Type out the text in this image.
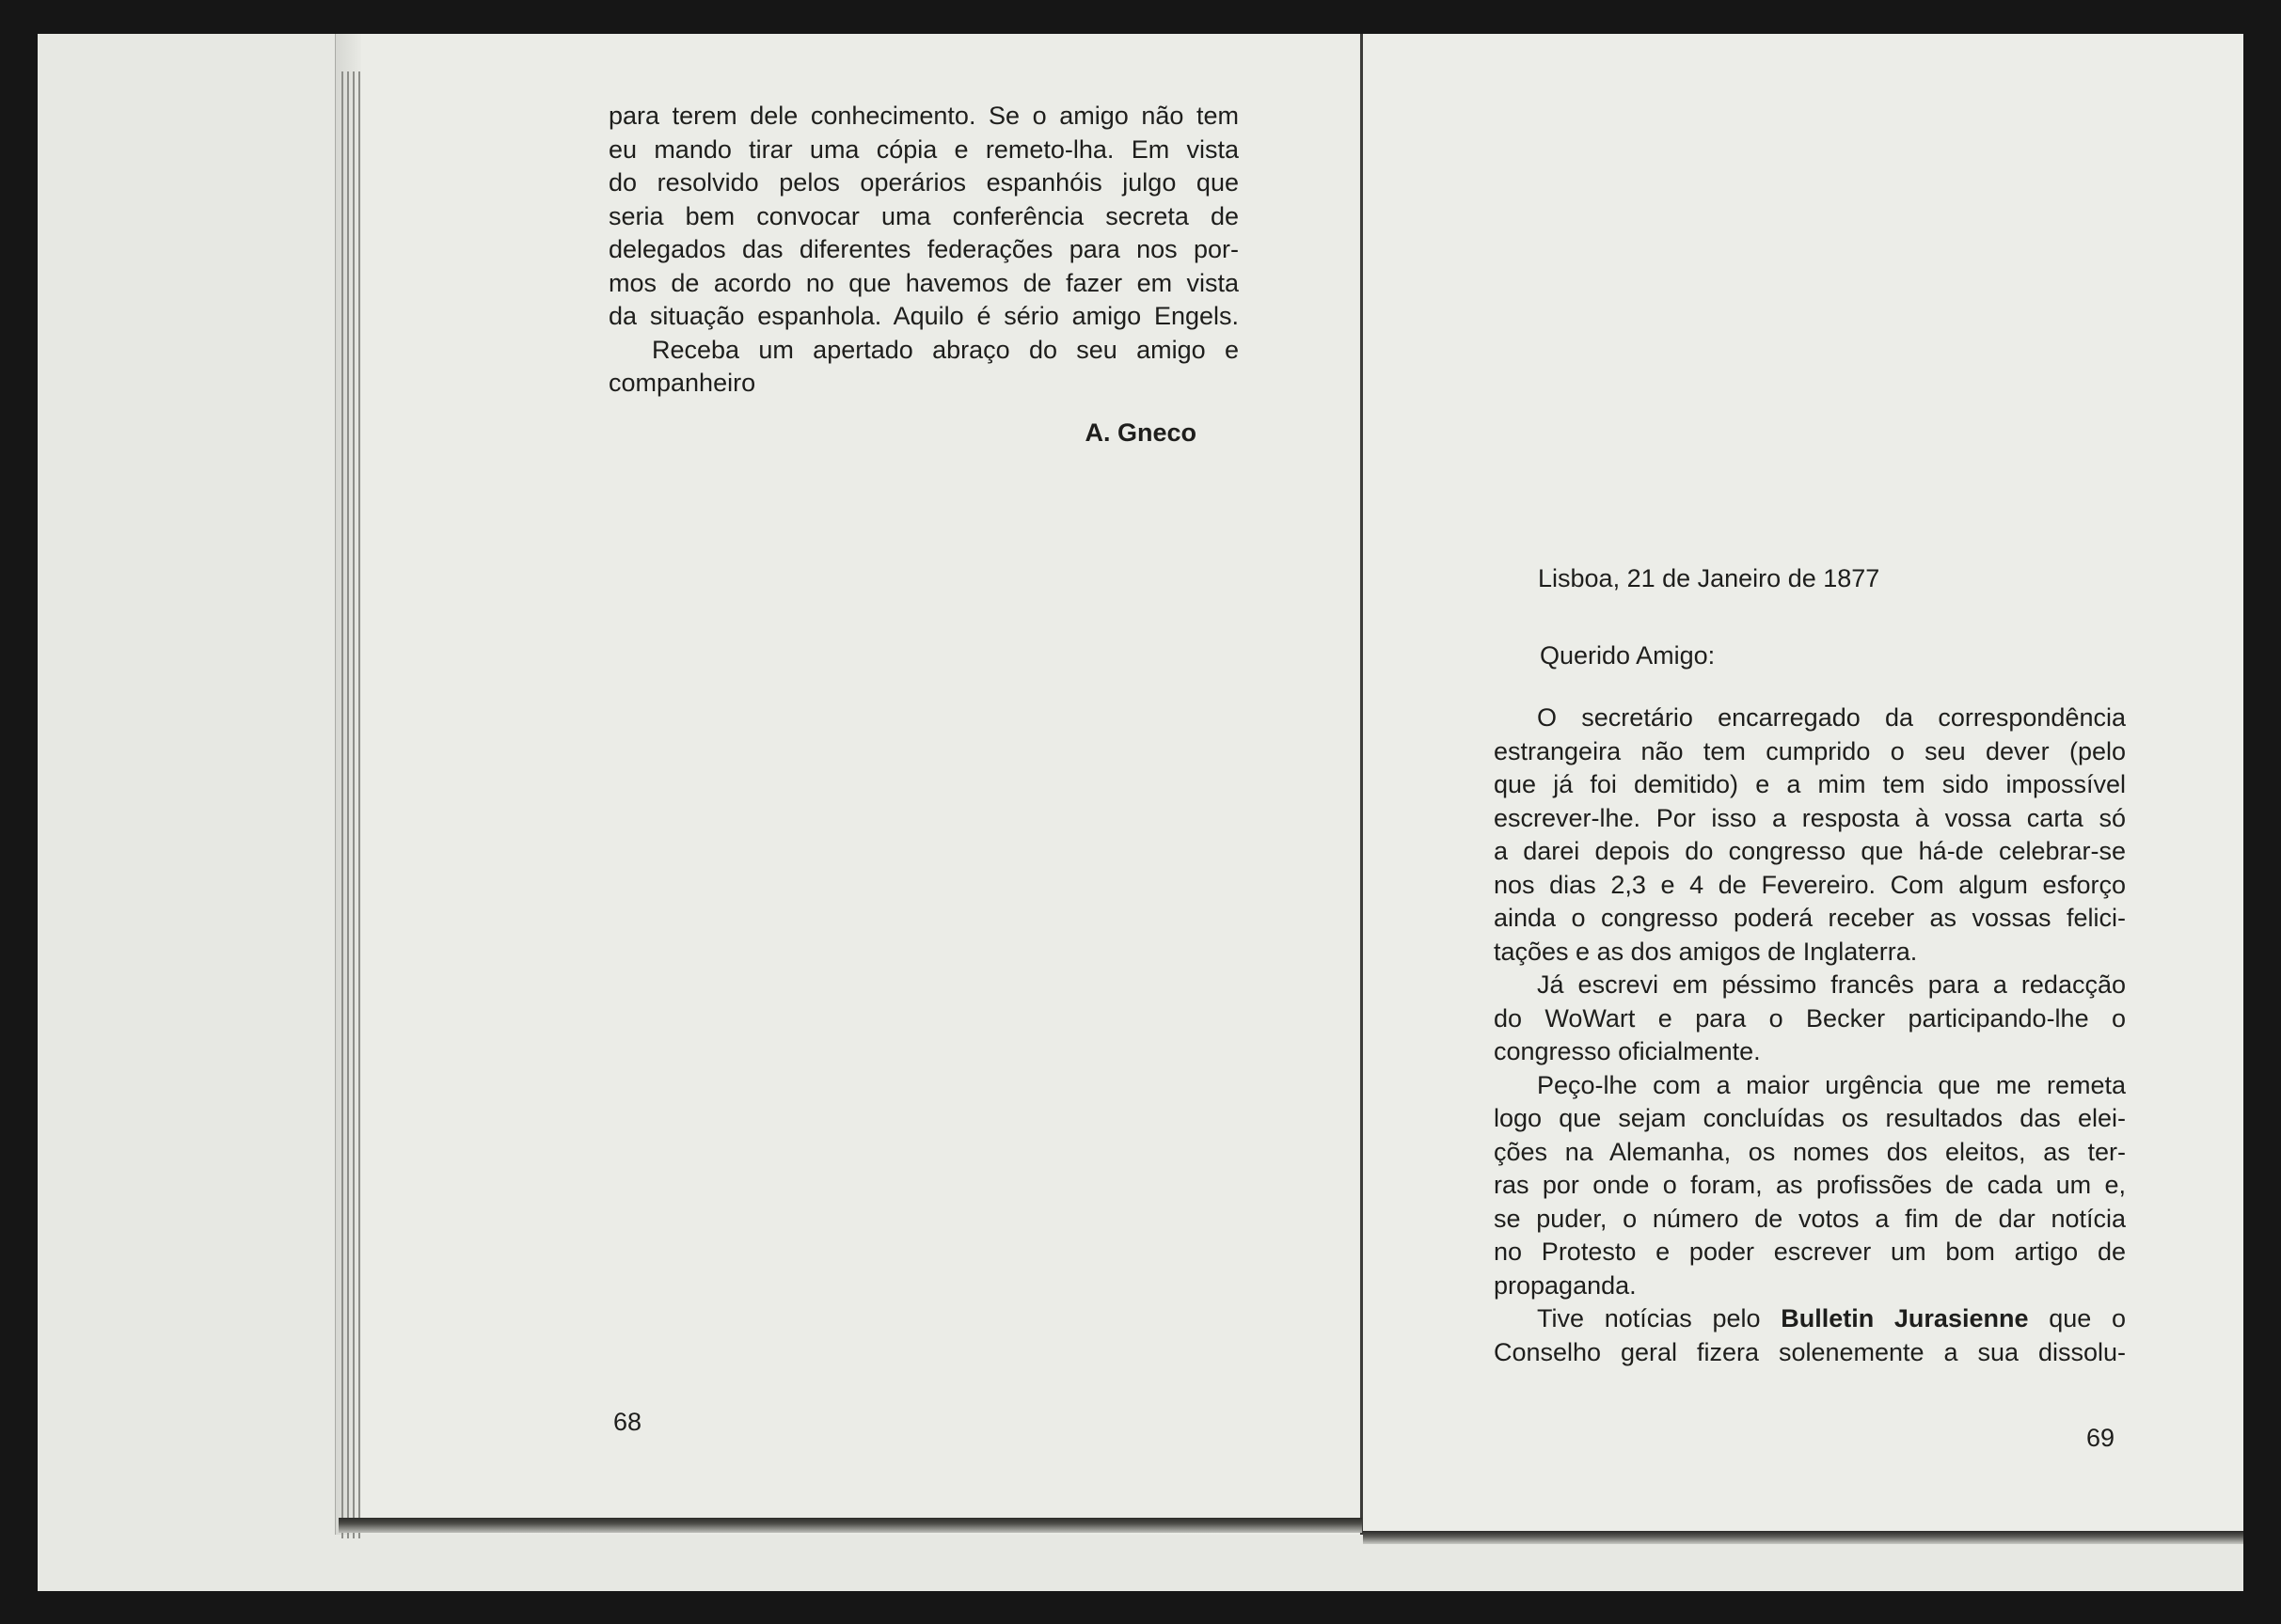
para terem dele conhecimento. Se o amigo não tem
eu mando tirar uma cópia e remeto-lha. Em vista
do resolvido pelos operários espanhóis julgo que
seria bem convocar uma conferência secreta de
delegados das diferentes federações para nos por-
mos de acordo no que havemos de fazer em vista
da situação espanhola. Aquilo é sério amigo Engels.
Receba um apertado abraço do seu amigo e
companheiro
A. Gneco
68
Lisboa, 21 de Janeiro de 1877
Querido Amigo:
O secretário encarregado da correspondência
estrangeira não tem cumprido o seu dever (pelo
que já foi demitido) e a mim tem sido impossível
escrever-lhe. Por isso a resposta à vossa carta só
a darei depois do congresso que há-de celebrar-se
nos dias 2,3 e 4 de Fevereiro. Com algum esforço
ainda o congresso poderá receber as vossas felici-
tações e as dos amigos de Inglaterra.
Já escrevi em péssimo francês para a redacção
do WoWart e para o Becker participando-lhe o
congresso oficialmente.
Peço-lhe com a maior urgência que me remeta
logo que sejam concluídas os resultados das elei-
ções na Alemanha, os nomes dos eleitos, as ter-
ras por onde o foram, as profissões de cada um e,
se puder, o número de votos a fim de dar notícia
no Protesto e poder escrever um bom artigo de
propaganda.
Tive notícias pelo Bulletin Jurasienne que o
Conselho geral fizera solenemente a sua dissolu-
69
